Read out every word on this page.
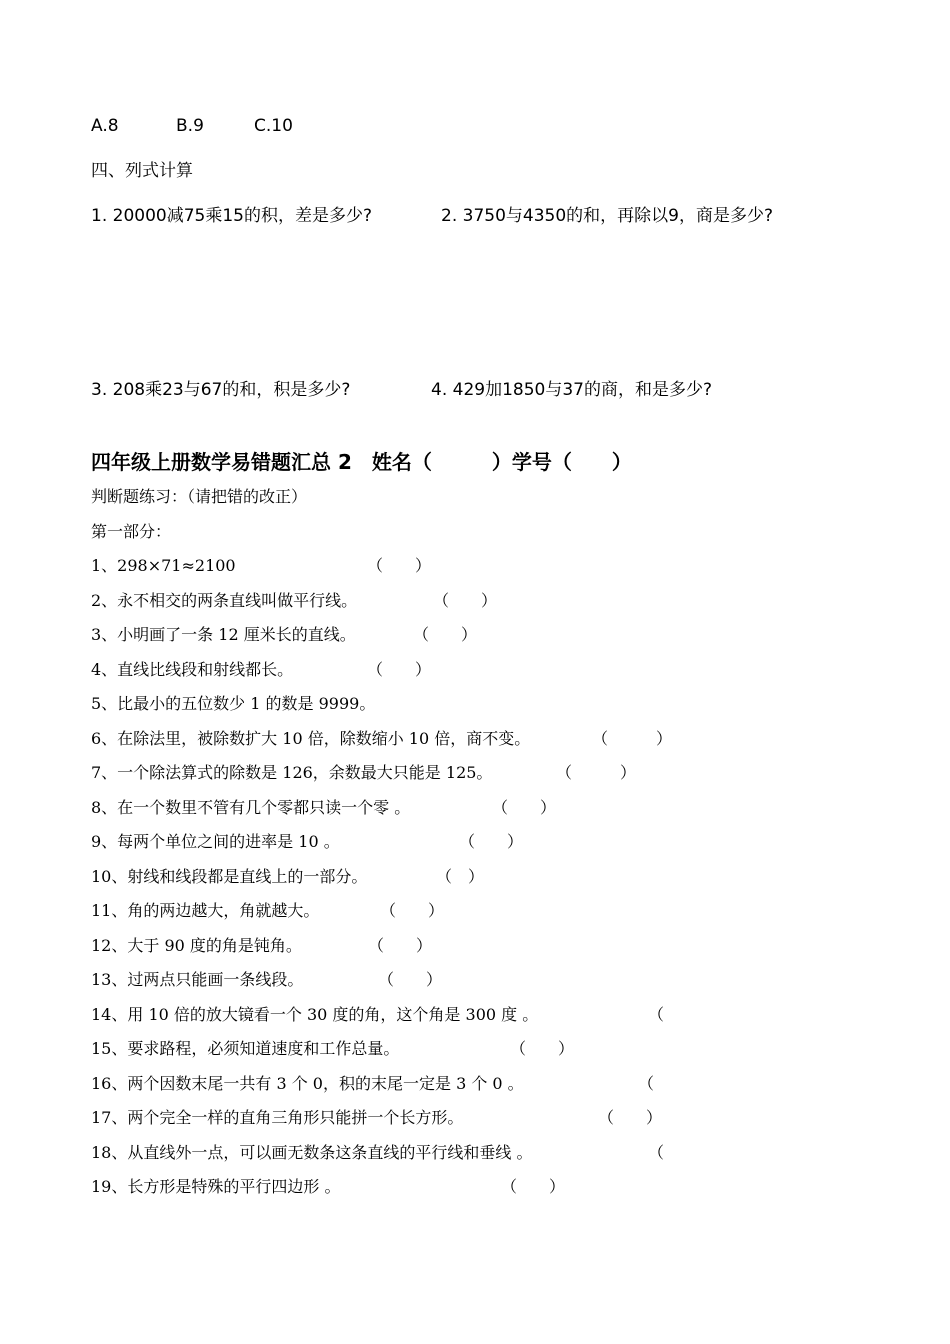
A.8	B.9	C.10
四、列式计算
1. 20000减75乘15的积，差是多少?	2. 3750与4350的和，再除以9，商是多少?
3. 208乘23与67的和，积是多少?	4. 429加1850与37的商，和是多少?
四年级上册数学易错题汇总 2　姓名（　　　）学号（　　）
判断题练习：（请把错的改正）
第一部分：
1、298×71≈2100	（　　）
2、永不相交的两条直线叫做平行线。	（　　）
3、小明画了一条 12 厘米长的直线。	（　　）
4、直线比线段和射线都长。	（　　）
5、比最小的五位数少 1 的数是 9999。
6、在除法里，被除数扩大 10 倍，除数缩小 10 倍，商不变。	（　　　）
7、一个除法算式的除数是 126，余数最大只能是 125。	（　　　）
8、在一个数里不管有几个零都只读一个零 。	（　　）
9、每两个单位之间的进率是 10 。	（　　）
10、射线和线段都是直线上的一部分。	（　）
11、角的两边越大，角就越大。	（　　）
12、大于 90 度的角是钝角。	（　　）
13、过两点只能画一条线段。	（　　）
14、用 10 倍的放大镜看一个 30 度的角，这个角是 300 度 。	（
15、要求路程，必须知道速度和工作总量。	（　　）
16、两个因数末尾一共有 3 个 0，积的末尾一定是 3 个 0 。	（
17、两个完全一样的直角三角形只能拼一个长方形。	（　　）
18、从直线外一点，可以画无数条这条直线的平行线和垂线 。	（
19、长方形是特殊的平行四边形 。	（　　）
